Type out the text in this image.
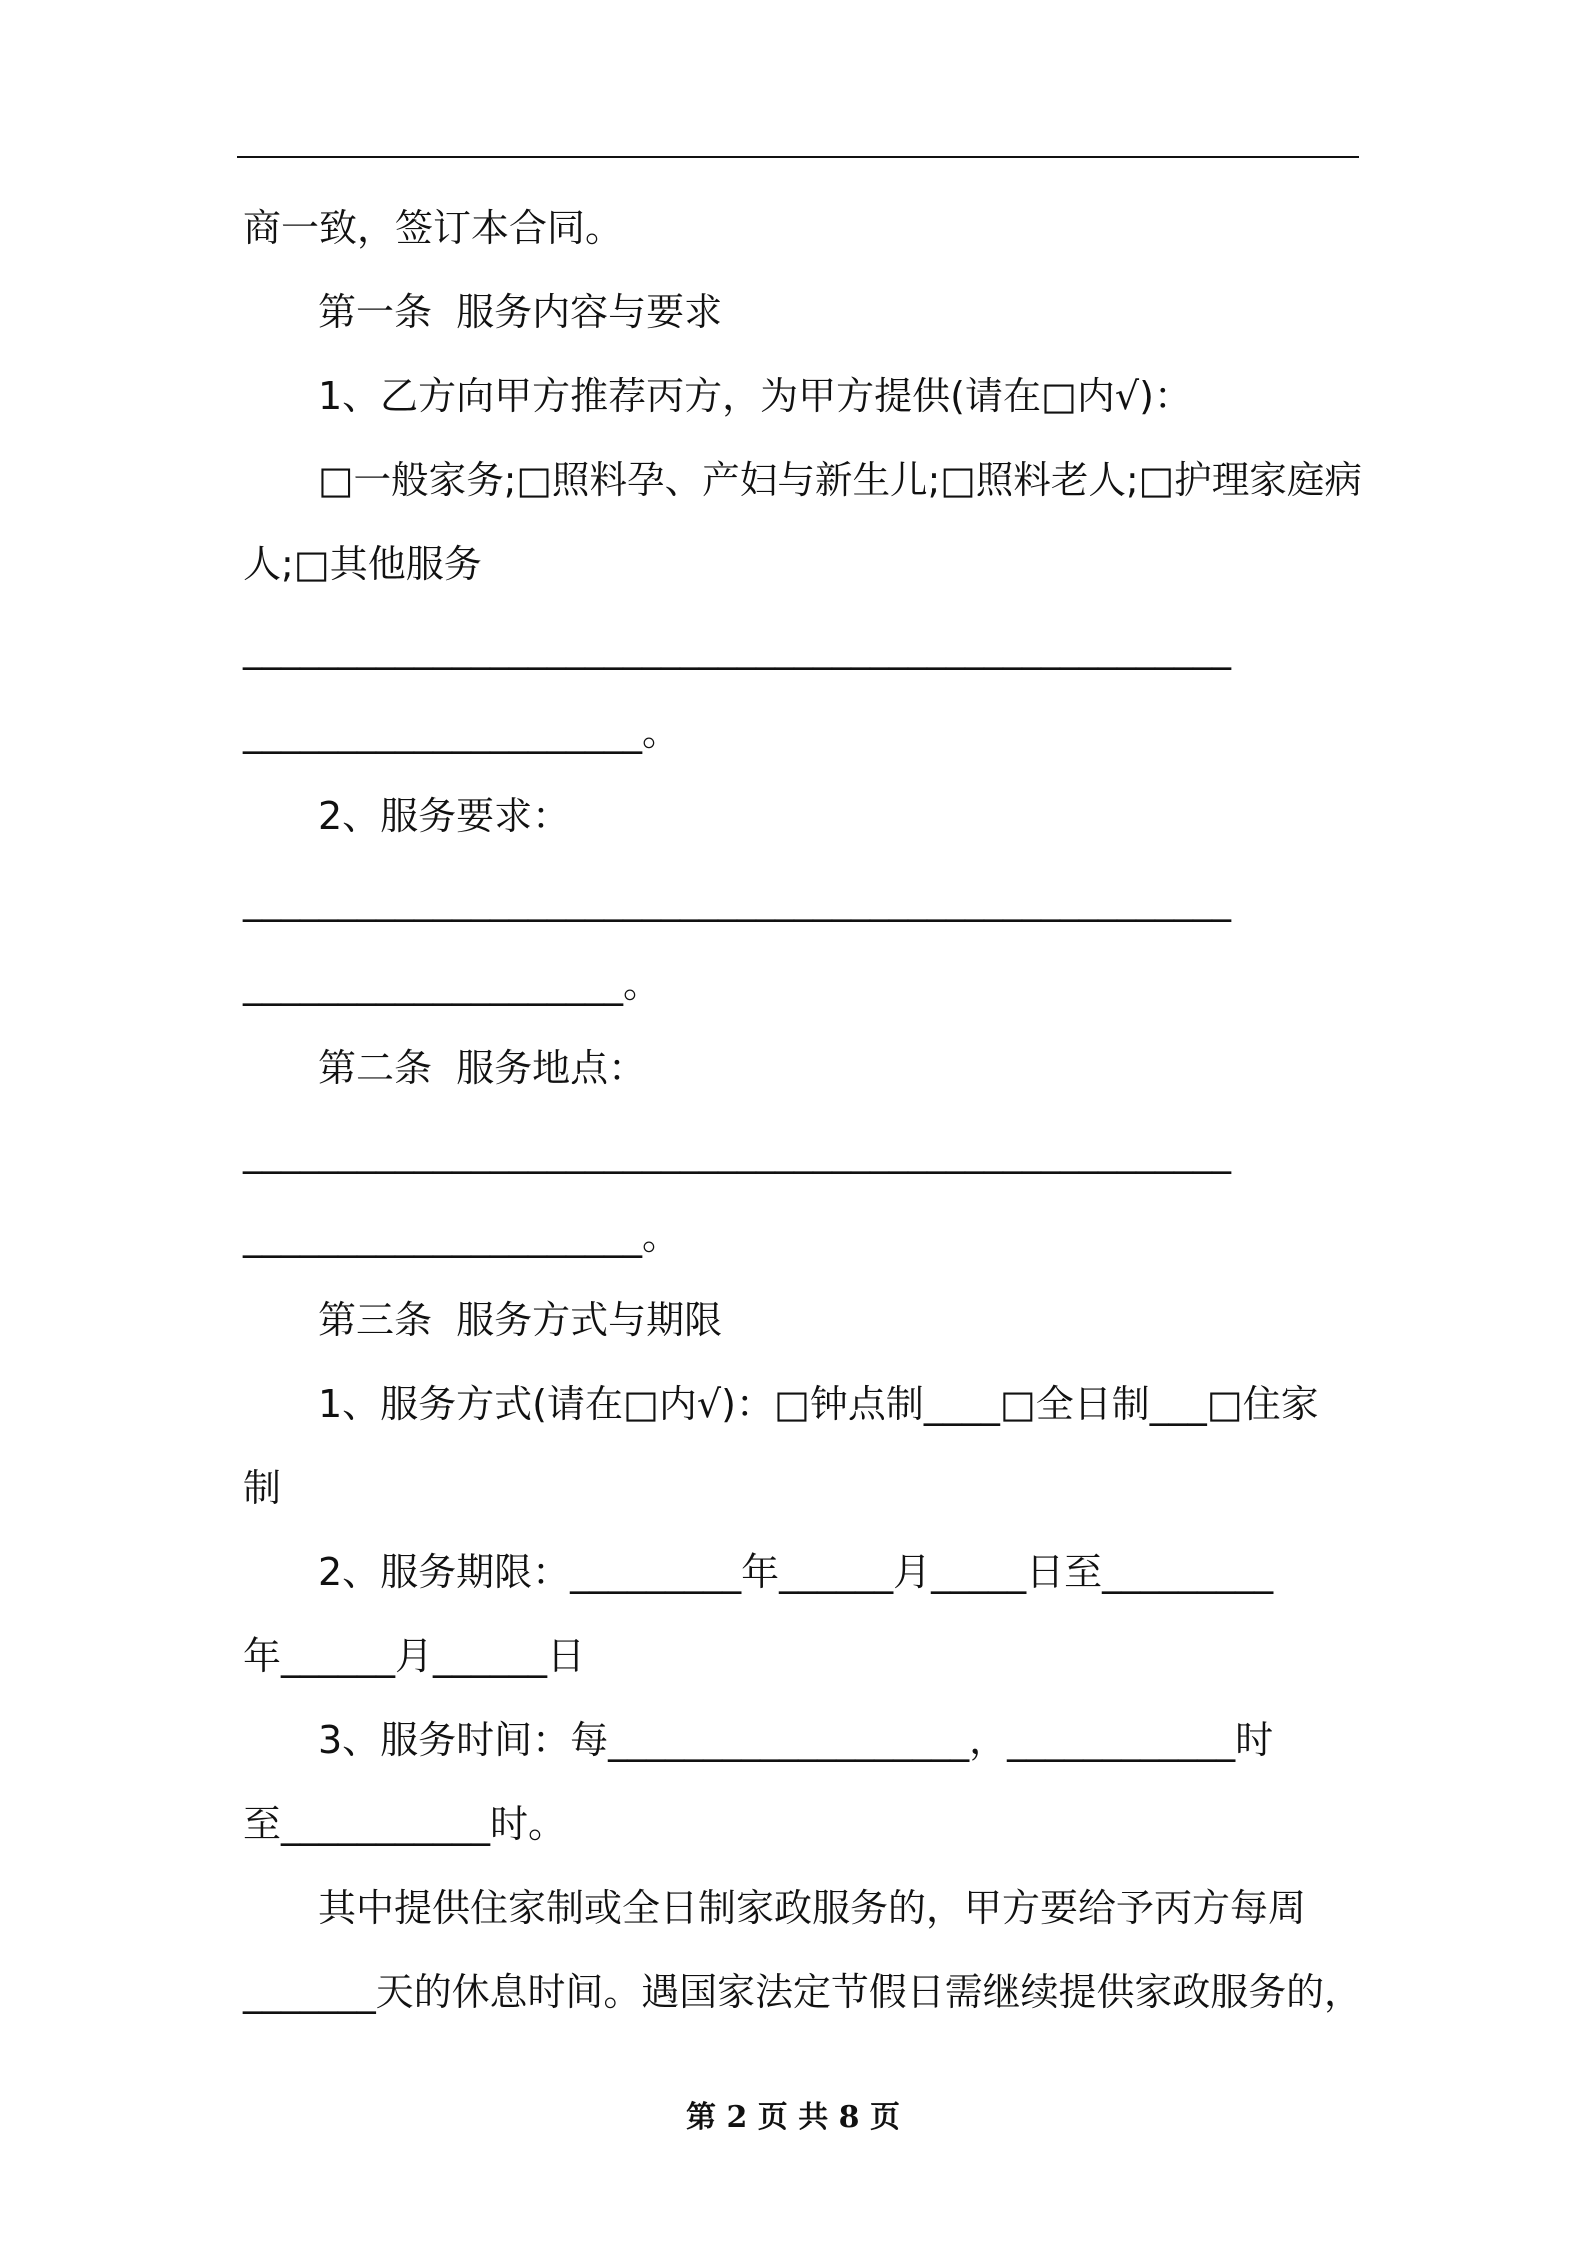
商一致，签订本合同。
第一条  服务内容与要求
1、乙方向甲方推荐丙方，为甲方提供(请在□内√)：
□一般家务;□照料孕、产妇与新生儿;□照料老人;□护理家庭病
人;□其他服务
____________________________________________________
_____________________。
2、服务要求：
____________________________________________________
____________________。
第二条  服务地点：
____________________________________________________
_____________________。
第三条  服务方式与期限
1、服务方式(请在□内√)：□钟点制____□全日制___□住家
制
2、服务期限：_________年______月_____日至_________
年______月______日
3、服务时间：每___________________，____________时
至___________时。
其中提供住家制或全日制家政服务的，甲方要给予丙方每周
_______天的休息时间。遇国家法定节假日需继续提供家政服务的，
第 2 页 共 8 页
